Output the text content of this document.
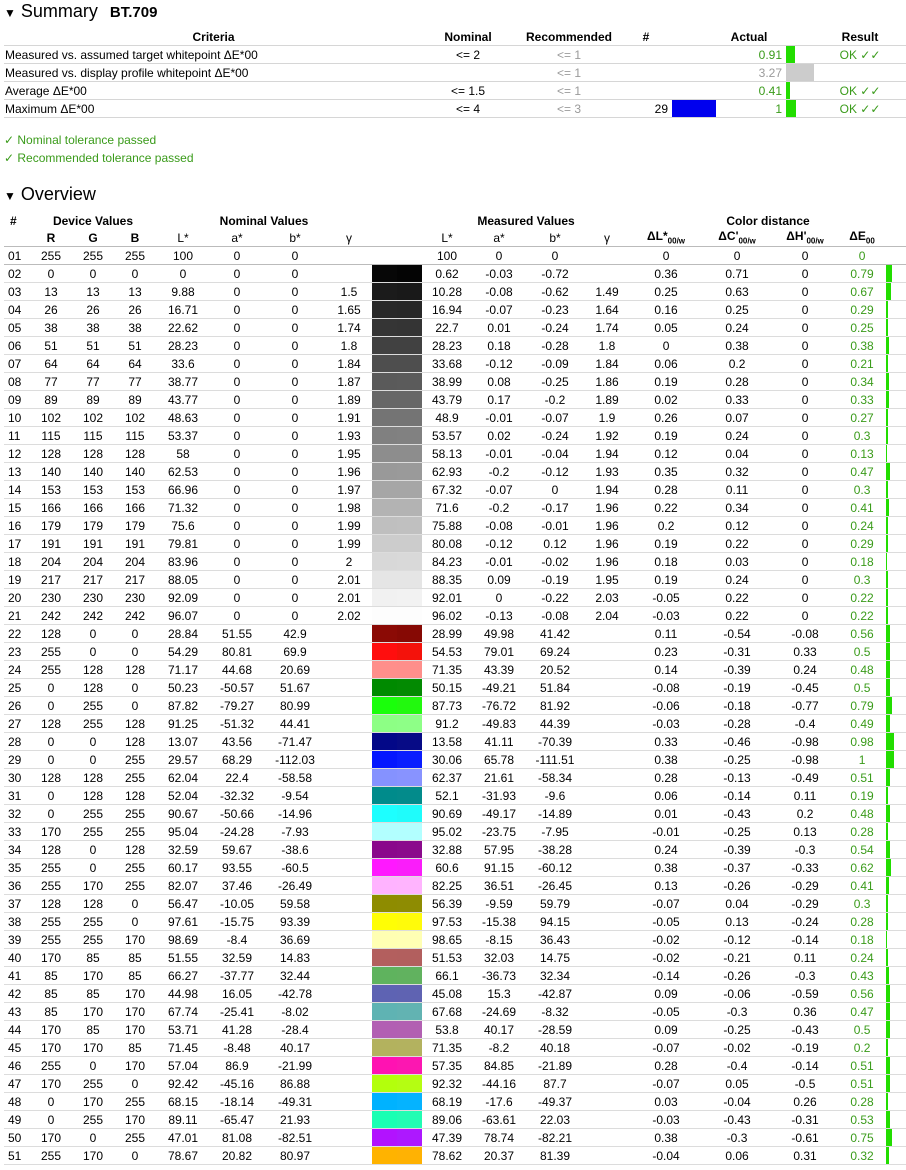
▼ Summary BT.709
Criteria	Nominal	Recommended	#		Actual		Result
Measured vs. assumed target whitepoint ΔE*00	<= 2	<= 1			0.91		OK ✓✓
Measured vs. display profile whitepoint ΔE*00		<= 1			3.27		
Average ΔE*00	<= 1.5	<= 1			0.41		OK ✓✓
Maximum ΔE*00	<= 4	<= 3	29		1		OK ✓✓
✓ Nominal tolerance passed
✓ Recommended tolerance passed
▼ Overview
#	Device Values			Nominal Values					Measured Values				Color distance				
	R	G	B	L*	a*	b*	γ		L*	a*	b*	γ	$\Delta L*_{00/w}$	$\Delta C'_{00/w}$	$\Delta H'_{00/w}$	$\Delta E_{00}$	
01	255	255	255	100	0	0			100	0	0		0	0	0	0	
02	0	0	0	0	0	0			0.62	-0.03	-0.72		0.36	0.71	0	0.79	
03	13	13	13	9.88	0	0	1.5		10.28	-0.08	-0.62	1.49	0.25	0.63	0	0.67	
04	26	26	26	16.71	0	0	1.65		16.94	-0.07	-0.23	1.64	0.16	0.25	0	0.29	
05	38	38	38	22.62	0	0	1.74		22.7	0.01	-0.24	1.74	0.05	0.24	0	0.25	
06	51	51	51	28.23	0	0	1.8		28.23	0.18	-0.28	1.8	0	0.38	0	0.38	
07	64	64	64	33.6	0	0	1.84		33.68	-0.12	-0.09	1.84	0.06	0.2	0	0.21	
08	77	77	77	38.77	0	0	1.87		38.99	0.08	-0.25	1.86	0.19	0.28	0	0.34	
09	89	89	89	43.77	0	0	1.89		43.79	0.17	-0.2	1.89	0.02	0.33	0	0.33	
10	102	102	102	48.63	0	0	1.91		48.9	-0.01	-0.07	1.9	0.26	0.07	0	0.27	
11	115	115	115	53.37	0	0	1.93		53.57	0.02	-0.24	1.92	0.19	0.24	0	0.3	
12	128	128	128	58	0	0	1.95		58.13	-0.01	-0.04	1.94	0.12	0.04	0	0.13	
13	140	140	140	62.53	0	0	1.96		62.93	-0.2	-0.12	1.93	0.35	0.32	0	0.47	
14	153	153	153	66.96	0	0	1.97		67.32	-0.07	0	1.94	0.28	0.11	0	0.3	
15	166	166	166	71.32	0	0	1.98		71.6	-0.2	-0.17	1.96	0.22	0.34	0	0.41	
16	179	179	179	75.6	0	0	1.99		75.88	-0.08	-0.01	1.96	0.2	0.12	0	0.24	
17	191	191	191	79.81	0	0	1.99		80.08	-0.12	0.12	1.96	0.19	0.22	0	0.29	
18	204	204	204	83.96	0	0	2		84.23	-0.01	-0.02	1.96	0.18	0.03	0	0.18	
19	217	217	217	88.05	0	0	2.01		88.35	0.09	-0.19	1.95	0.19	0.24	0	0.3	
20	230	230	230	92.09	0	0	2.01		92.01	0	-0.22	2.03	-0.05	0.22	0	0.22	
21	242	242	242	96.07	0	0	2.02		96.02	-0.13	-0.08	2.04	-0.03	0.22	0	0.22	
22	128	0	0	28.84	51.55	42.9			28.99	49.98	41.42		0.11	-0.54	-0.08	0.56	
23	255	0	0	54.29	80.81	69.9			54.53	79.01	69.24		0.23	-0.31	0.33	0.5	
24	255	128	128	71.17	44.68	20.69			71.35	43.39	20.52		0.14	-0.39	0.24	0.48	
25	0	128	0	50.23	-50.57	51.67			50.15	-49.21	51.84		-0.08	-0.19	-0.45	0.5	
26	0	255	0	87.82	-79.27	80.99			87.73	-76.72	81.92		-0.06	-0.18	-0.77	0.79	
27	128	255	128	91.25	-51.32	44.41			91.2	-49.83	44.39		-0.03	-0.28	-0.4	0.49	
28	0	0	128	13.07	43.56	-71.47			13.58	41.11	-70.39		0.33	-0.46	-0.98	0.98	
29	0	0	255	29.57	68.29	-112.03			30.06	65.78	-111.51		0.38	-0.25	-0.98	1	
30	128	128	255	62.04	22.4	-58.58			62.37	21.61	-58.34		0.28	-0.13	-0.49	0.51	
31	0	128	128	52.04	-32.32	-9.54			52.1	-31.93	-9.6		0.06	-0.14	0.11	0.19	
32	0	255	255	90.67	-50.66	-14.96			90.69	-49.17	-14.89		0.01	-0.43	0.2	0.48	
33	170	255	255	95.04	-24.28	-7.93			95.02	-23.75	-7.95		-0.01	-0.25	0.13	0.28	
34	128	0	128	32.59	59.67	-38.6			32.88	57.95	-38.28		0.24	-0.39	-0.3	0.54	
35	255	0	255	60.17	93.55	-60.5			60.6	91.15	-60.12		0.38	-0.37	-0.33	0.62	
36	255	170	255	82.07	37.46	-26.49			82.25	36.51	-26.45		0.13	-0.26	-0.29	0.41	
37	128	128	0	56.47	-10.05	59.58			56.39	-9.59	59.79		-0.07	0.04	-0.29	0.3	
38	255	255	0	97.61	-15.75	93.39			97.53	-15.38	94.15		-0.05	0.13	-0.24	0.28	
39	255	255	170	98.69	-8.4	36.69			98.65	-8.15	36.43		-0.02	-0.12	-0.14	0.18	
40	170	85	85	51.55	32.59	14.83			51.53	32.03	14.75		-0.02	-0.21	0.11	0.24	
41	85	170	85	66.27	-37.77	32.44			66.1	-36.73	32.34		-0.14	-0.26	-0.3	0.43	
42	85	85	170	44.98	16.05	-42.78			45.08	15.3	-42.87		0.09	-0.06	-0.59	0.56	
43	85	170	170	67.74	-25.41	-8.02			67.68	-24.69	-8.32		-0.05	-0.3	0.36	0.47	
44	170	85	170	53.71	41.28	-28.4			53.8	40.17	-28.59		0.09	-0.25	-0.43	0.5	
45	170	170	85	71.45	-8.48	40.17			71.35	-8.2	40.18		-0.07	-0.02	-0.19	0.2	
46	255	0	170	57.04	86.9	-21.99			57.35	84.85	-21.89		0.28	-0.4	-0.14	0.51	
47	170	255	0	92.42	-45.16	86.88			92.32	-44.16	87.7		-0.07	0.05	-0.5	0.51	
48	0	170	255	68.15	-18.14	-49.31			68.19	-17.6	-49.37		0.03	-0.04	0.26	0.28	
49	0	255	170	89.11	-65.47	21.93			89.06	-63.61	22.03		-0.03	-0.43	-0.31	0.53	
50	170	0	255	47.01	81.08	-82.51			47.39	78.74	-82.21		0.38	-0.3	-0.61	0.75	
51	255	170	0	78.67	20.82	80.97			78.62	20.37	81.39		-0.04	0.06	0.31	0.32	
